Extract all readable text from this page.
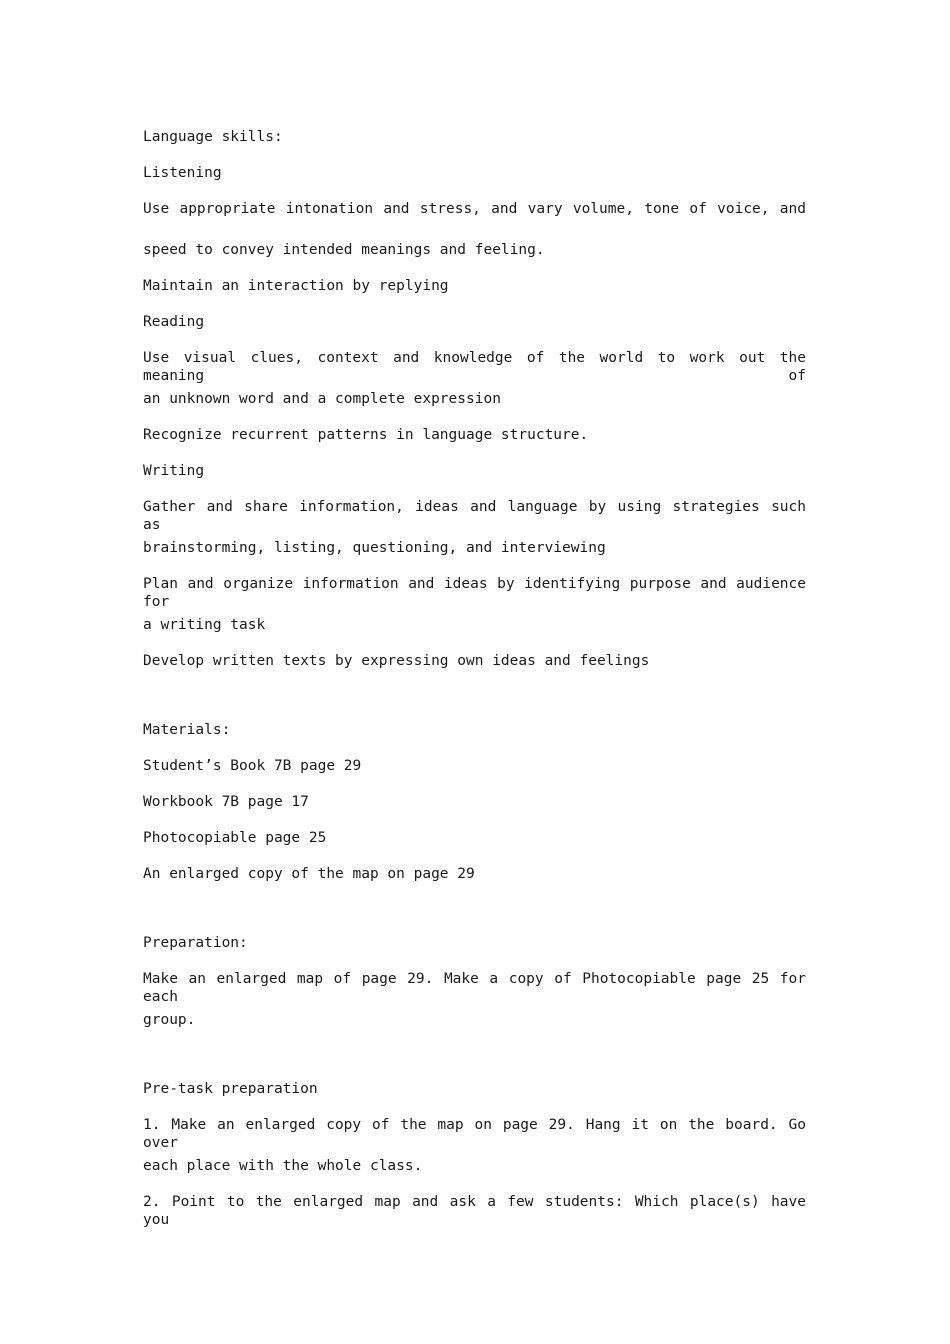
Language skills:
Listening
Use appropriate intonation and stress, and vary volume, tone of voice, and
speed to convey intended meanings and feeling.
Maintain an interaction by replying
Reading
Use visual clues, context and knowledge of the world to work out the meaning of
an unknown word and a complete expression
Recognize recurrent patterns in language structure.
Writing
Gather and share information, ideas and language by using strategies such as
brainstorming, listing, questioning, and interviewing
Plan and organize information and ideas by identifying purpose and audience for
a writing task
Develop written texts by expressing own ideas and feelings
Materials:
Student’s Book 7B page 29
Workbook 7B page 17
Photocopiable page 25
An enlarged copy of the map on page 29
Preparation:
Make an enlarged map of page 29. Make a copy of Photocopiable page 25 for each
group.
Pre-task preparation
1. Make an enlarged copy of the map on page 29. Hang it on the board. Go over
each place with the whole class.
2. Point to the enlarged map and ask a few students: Which place(s) have you
